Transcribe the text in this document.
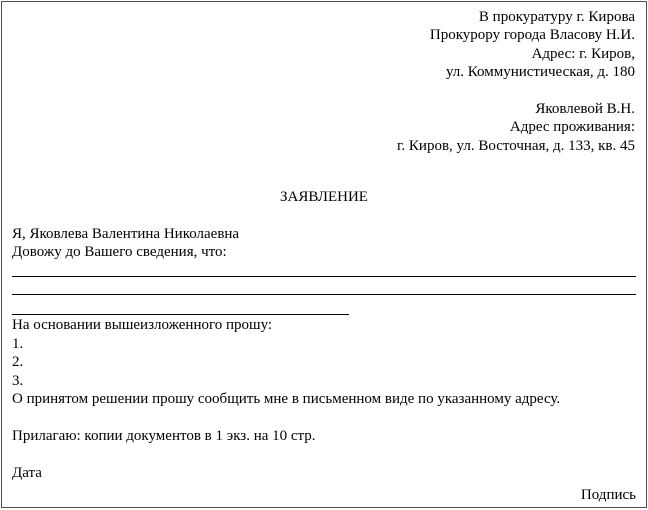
В прокуратуру г. Кирова
Прокурору города Власову Н.И.
Адрес: г. Киров,
ул. Коммунистическая, д. 180
Яковлевой В.Н.
Адрес проживания:
г. Киров, ул. Восточная, д. 133, кв. 45
ЗАЯВЛЕНИЕ
Я, Яковлева Валентина Николаевна
Довожу до Вашего сведения, что:
На основании вышеизложенного прошу:
1.
2.
3.
О принятом решении прошу сообщить мне в письменном виде по указанному адресу.
Прилагаю: копии документов в 1 экз. на 10 стр.
Дата
Подпись
